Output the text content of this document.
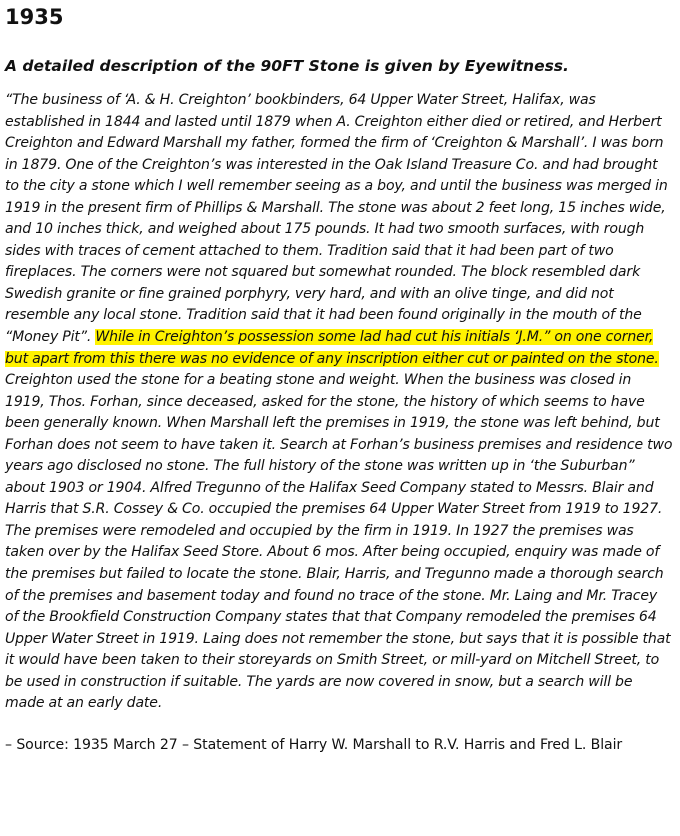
1935
A detailed description of the 90FT Stone is given by Eyewitness.

“The business of ‘A. & H. Creighton’ bookbinders, 64 Upper Water Street, Halifax, was established in 1844 and lasted until 1879 when A. Creighton either died or retired, and Herbert Creighton and Edward Marshall my father, formed the firm of ‘Creighton & Marshall’. I was born in 1879. One of the Creighton’s was interested in the Oak Island Treasure Co. and had brought to the city a stone which I well remember seeing as a boy, and until the business was merged in 1919 in the present firm of Phillips & Marshall. The stone was about 2 feet long, 15 inches wide, and 10 inches thick, and weighed about 175 pounds. It had two smooth surfaces, with rough sides with traces of cement attached to them. Tradition said that it had been part of two fireplaces. The corners were not squared but somewhat rounded. The block resembled dark Swedish granite or fine grained porphyry, very hard, and with an olive tinge, and did not resemble any local stone. Tradition said that it had been found originally in the mouth of the “Money Pit”. While in Creighton’s possession some lad had cut his initials ‘J.M.” on one corner, but apart from this there was no evidence of any inscription either cut or painted on the stone. Creighton used the stone for a beating stone and weight. When the business was closed in 1919, Thos. Forhan, since deceased, asked for the stone, the history of which seems to have been generally known. When Marshall left the premises in 1919, the stone was left behind, but Forhan does not seem to have taken it. Search at Forhan’s business premises and residence two years ago disclosed no stone. The full history of the stone was written up in ‘the Suburban” about 1903 or 1904. Alfred Tregunno of the Halifax Seed Company stated to Messrs. Blair and Harris that S.R. Cossey & Co. occupied the premises 64 Upper Water Street from 1919 to 1927. The premises were remodeled and occupied by the firm in 1919. In 1927 the premises was taken over by the Halifax Seed Store. About 6 mos. After being occupied, enquiry was made of the premises but failed to locate the stone. Blair, Harris, and Tregunno made a thorough search of the premises and basement today and found no trace of the stone. Mr. Laing and Mr. Tracey of the Brookfield Construction Company states that that Company remodeled the premises 64 Upper Water Street in 1919. Laing does not remember the stone, but says that it is possible that it would have been taken to their storeyards on Smith Street, or mill-yard on Mitchell Street, to be used in construction if suitable. The yards are now covered in snow, but a search will be made at an early date.

– Source: 1935 March 27 – Statement of Harry W. Marshall to R.V. Harris and Fred L. Blair
